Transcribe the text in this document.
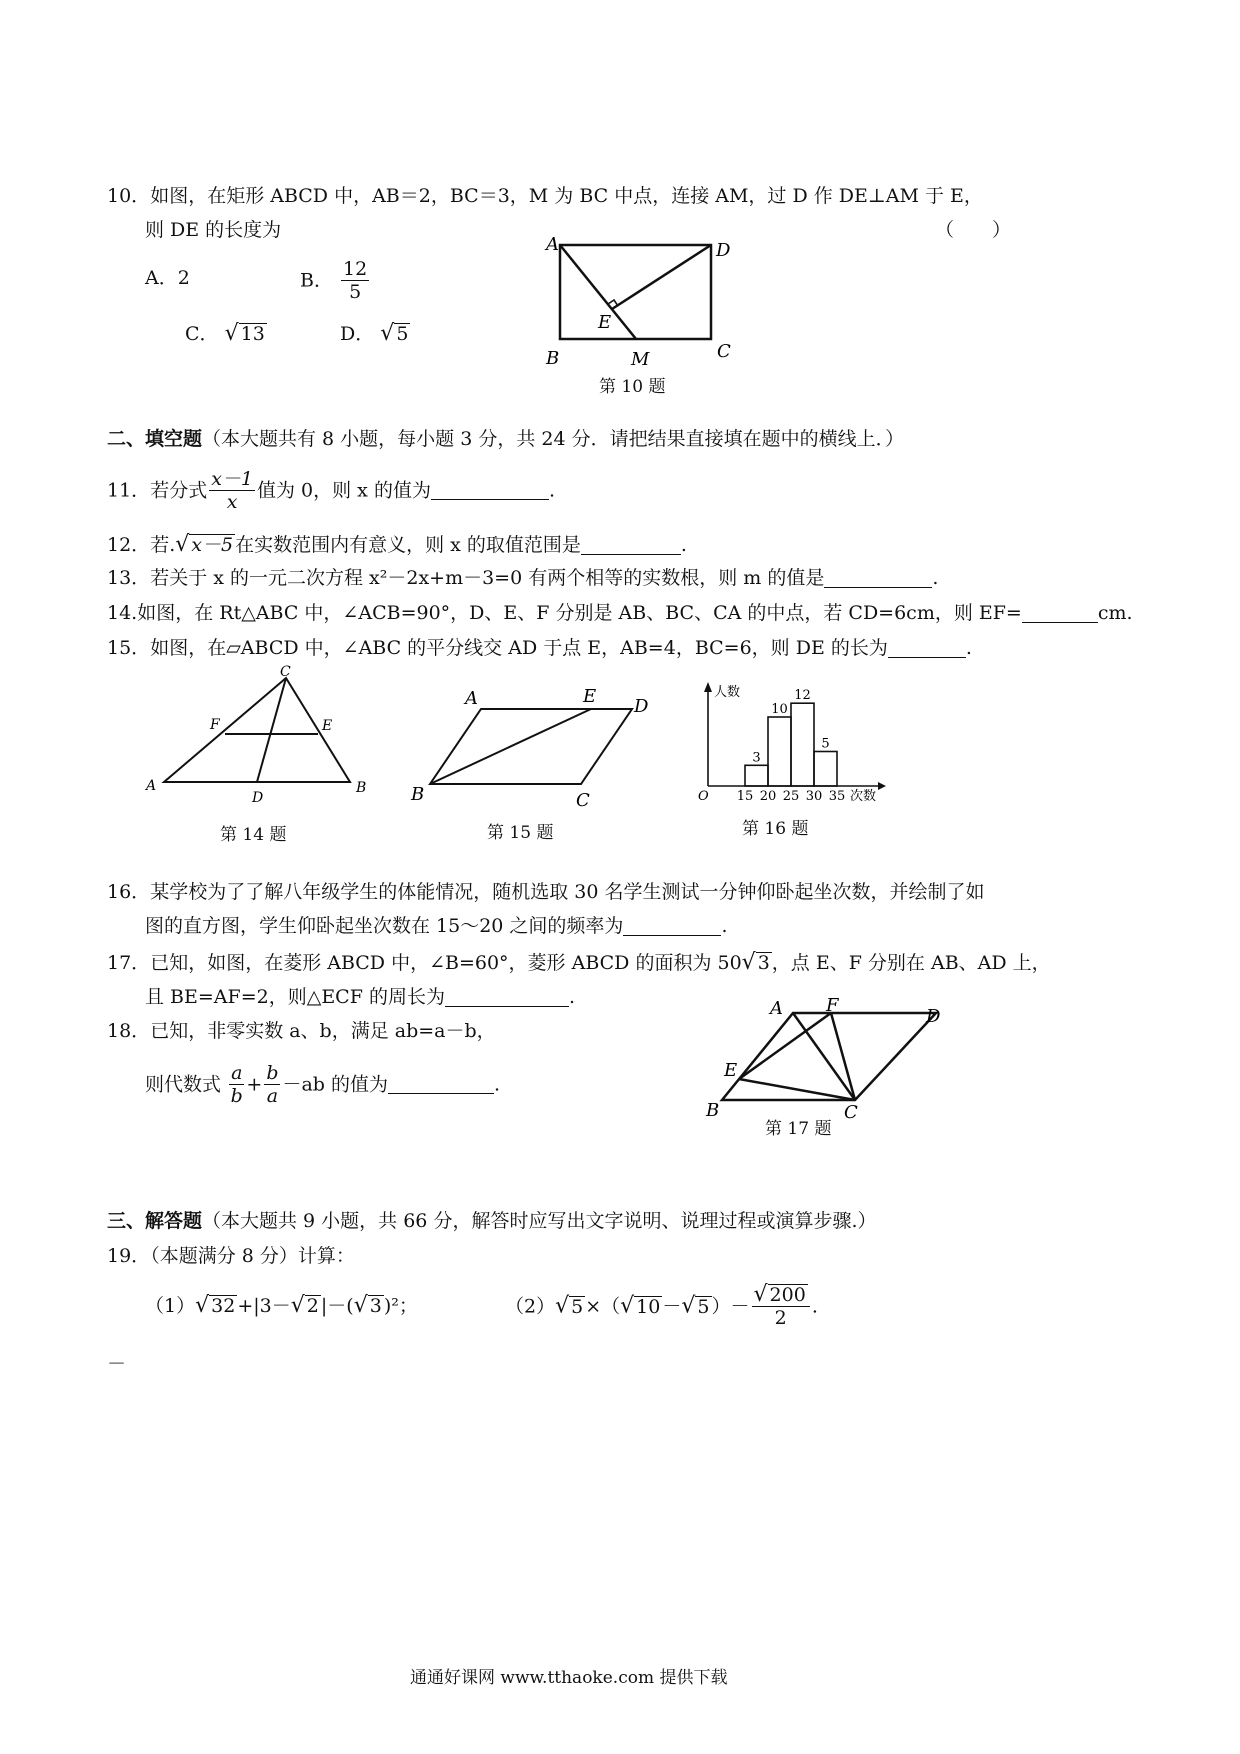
10．如图，在矩形 ABCD 中，AB＝2，BC＝3，M 为 BC 中点，连接 AM，过 D 作 DE⊥AM 于 E，
则 DE 的长度为	（　　）
A．2	B． $\frac{12}{5}$
C． √ 13	D． √ 5
A	D
B	C
E
M
第 10 题
二、填空题（本大题共有 8 小题，每小题 3 分，共 24 分．请把结果直接填在题中的横线上．）
11．若分式 $\frac{x-1}{x}$ 值为 0，则 x 的值为	.
12．若.√ x－5 在实数范围内有意义，则 x 的取值范围是	.
13．若关于 x 的一元二次方程 x²－2x+m－3=0 有两个相等的实数根，则 m 的值是	.
14.如图，在 Rt△ABC 中，∠ACB=90°，D、E、F 分别是 AB、BC、CA 的中点，若 CD=6cm，则 EF=	cm.
15．如图，在▱ABCD 中，∠ABC 的平分线交 AD 于点 E，AB=4，BC=6，则 DE 的长为	.
C
F	E
A
D
B
第 14 题
A	E D
B	C
第 15 题
人数
次数
O
3
10
12
5
15 20 25 30 35
第 16 题
16．某学校为了了解八年级学生的体能情况，随机选取 30 名学生测试一分钟仰卧起坐次数，并绘制了如
图的直方图，学生仰卧起坐次数在 15～20 之间的频率为	.
17．已知，如图，在菱形 ABCD 中，∠B=60°，菱形 ABCD 的面积为 50√ 3 ，点 E、F 分别在 AB、AD 上，
且 BE=AF=2，则△ECF 的周长为	.
A F
D
E
B	C
第 17 题
18．已知，非零实数 a、b，满足 ab=a－b，
则代数式 $\frac{a}{b} + \frac{b}{a} -ab$ 的值为	.
三、解答题（本大题共 9 小题，共 66 分，解答时应写出文字说明、说理过程或演算步骤.）
19．（本题满分 8 分）计算：
（1）√ 32 +|3－√ 2 |－(√ 3 )²；	（2）√ 5 ×（√ 10 －√ 5 ）－ $\frac{√ 200}{2}$ .
－
通通好课网 www.tthaoke.com 提供下载
